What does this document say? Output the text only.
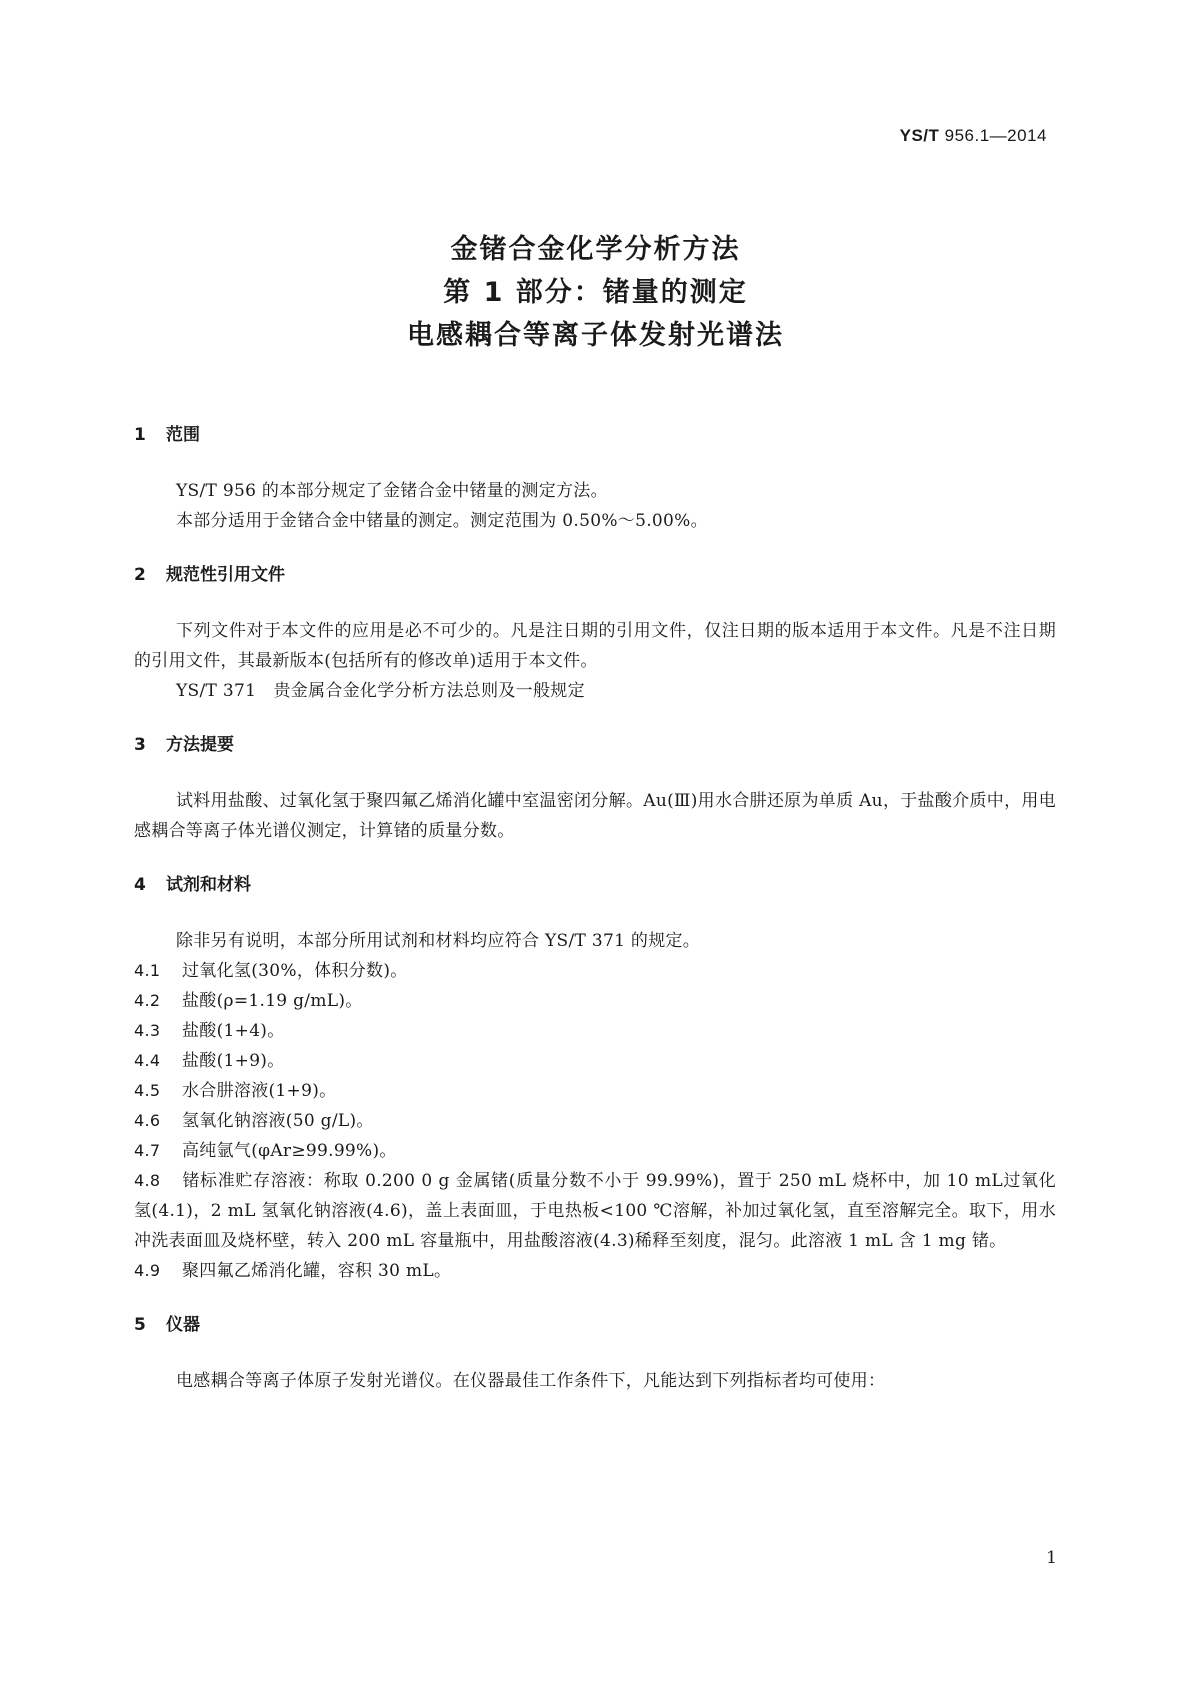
YS/T 956.1—2014
金锗合金化学分析方法
第 1 部分：锗量的测定
电感耦合等离子体发射光谱法
1	范围
YS/T 956 的本部分规定了金锗合金中锗量的测定方法。
本部分适用于金锗合金中锗量的测定。测定范围为 0.50%～5.00%。
2	规范性引用文件
下列文件对于本文件的应用是必不可少的。凡是注日期的引用文件，仅注日期的版本适用于本文件。凡是不注日期的引用文件，其最新版本(包括所有的修改单)适用于本文件。
YS/T 371　贵金属合金化学分析方法总则及一般规定
3	方法提要
试料用盐酸、过氧化氢于聚四氟乙烯消化罐中室温密闭分解。Au(Ⅲ)用水合肼还原为单质 Au，于盐酸介质中，用电感耦合等离子体光谱仪测定，计算锗的质量分数。
4	试剂和材料
除非另有说明，本部分所用试剂和材料均应符合 YS/T 371 的规定。
4.1 过氧化氢(30%，体积分数)。
4.2 盐酸(ρ=1.19 g/mL)。
4.3 盐酸(1+4)。
4.4 盐酸(1+9)。
4.5 水合肼溶液(1+9)。
4.6 氢氧化钠溶液(50 g/L)。
4.7 高纯氩气(φAr≥99.99%)。
4.8 锗标准贮存溶液：称取 0.200 0 g 金属锗(质量分数不小于 99.99%)，置于 250 mL 烧杯中，加 10 mL过氧化氢(4.1)，2 mL 氢氧化钠溶液(4.6)，盖上表面皿，于电热板<100 ℃溶解，补加过氧化氢，直至溶解完全。取下，用水冲洗表面皿及烧杯壁，转入 200 mL 容量瓶中，用盐酸溶液(4.3)稀释至刻度，混匀。此溶液 1 mL 含 1 mg 锗。
4.9 聚四氟乙烯消化罐，容积 30 mL。
5	仪器
电感耦合等离子体原子发射光谱仪。在仪器最佳工作条件下，凡能达到下列指标者均可使用：
1
